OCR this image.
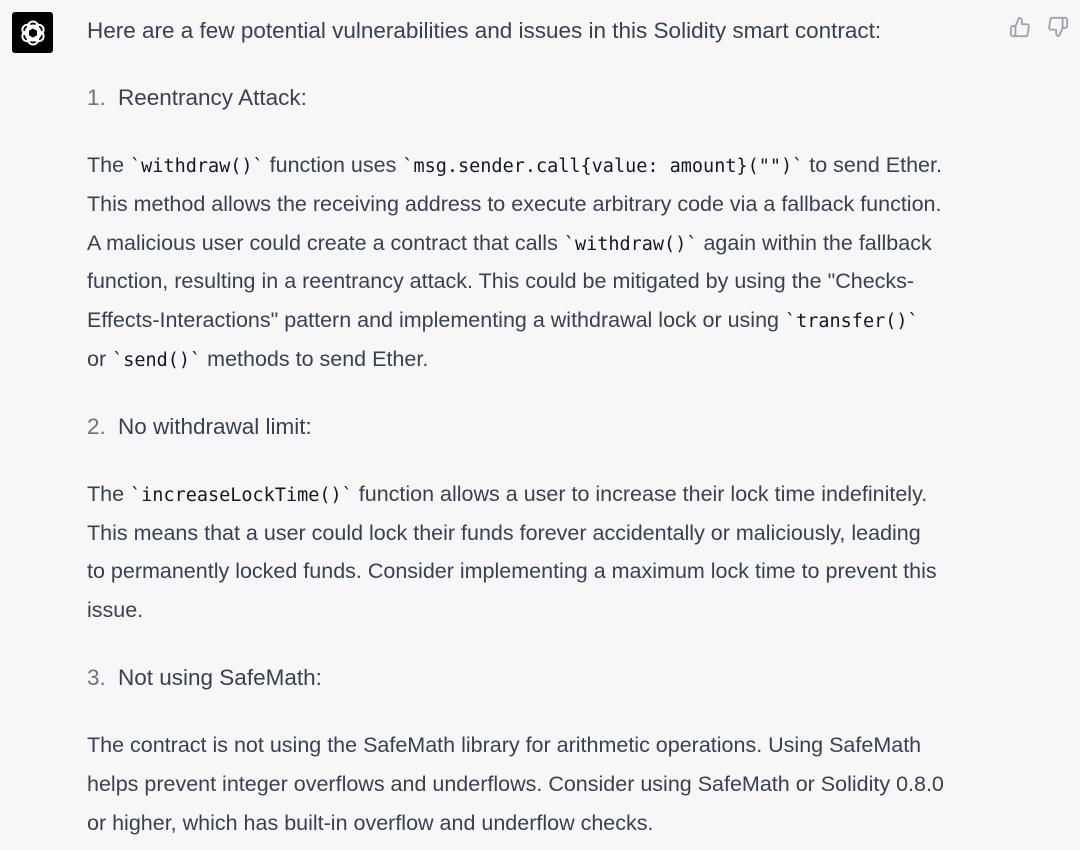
Here are a few potential vulnerabilities and issues in this Solidity smart contract:

1. Reentrancy Attack:

The `withdraw()` function uses `msg.sender.call{value: amount}("")` to send Ether.
This method allows the receiving address to execute arbitrary code via a fallback function.
A malicious user could create a contract that calls `withdraw()` again within the fallback
function, resulting in a reentrancy attack. This could be mitigated by using the "Checks-
Effects-Interactions" pattern and implementing a withdrawal lock or using `transfer()`
or `send()` methods to send Ether.

2. No withdrawal limit:

The `increaseLockTime()` function allows a user to increase their lock time indefinitely.
This means that a user could lock their funds forever accidentally or maliciously, leading
to permanently locked funds. Consider implementing a maximum lock time to prevent this
issue.

3. Not using SafeMath:

The contract is not using the SafeMath library for arithmetic operations. Using SafeMath
helps prevent integer overflows and underflows. Consider using SafeMath or Solidity 0.8.0
or higher, which has built-in overflow and underflow checks.
